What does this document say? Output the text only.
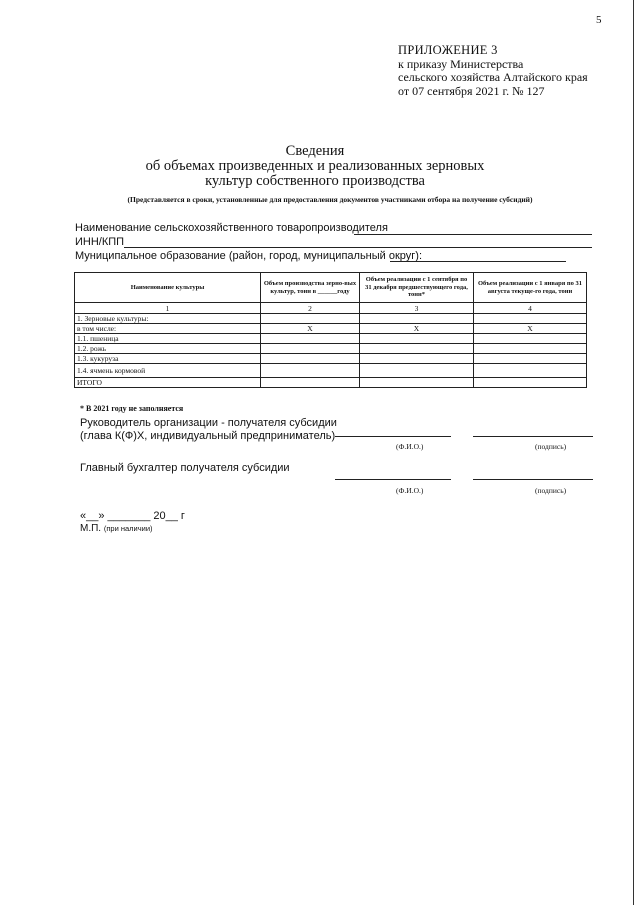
5
ПРИЛОЖЕНИЕ 3
к приказу Министерства
сельского хозяйства Алтайского края
от 07 сентября 2021 г. № 127
Сведения
об объемах произведенных и реализованных зерновых
культур собственного производства
(Представляется в сроки, установленные для предоставления документов участниками отбора на получение субсидий)
Наименование сельскохозяйственного товаропроизводителя
ИНН/КПП
Муниципальное образование (район, город, муниципальный округ):
Наименование культуры	Объем производства зерно-вых культур, тонн в ______году	Объем реализации с 1 сентября по 31 декабря предшествующего года, тонн*	Объем реализации с 1 января по 31 августа текуще-го года, тонн
1	2	3	4
1. Зерновые культуры:			
в том числе:	X	X	X
1.1. пшеница			
1.2. рожь			
1.3. кукуруза			
1.4. ячмень кормовой			
ИТОГО			
* В 2021 году не заполняется
Руководитель организации - получателя субсидии
(глава К(Ф)Х, индивидуальный предприниматель)
(Ф.И.О.)	(подпись)
Главный бухгалтер получателя субсидии
(Ф.И.О.)	(подпись)
«__» _______ 20__ г
М.П. (при наличии)
